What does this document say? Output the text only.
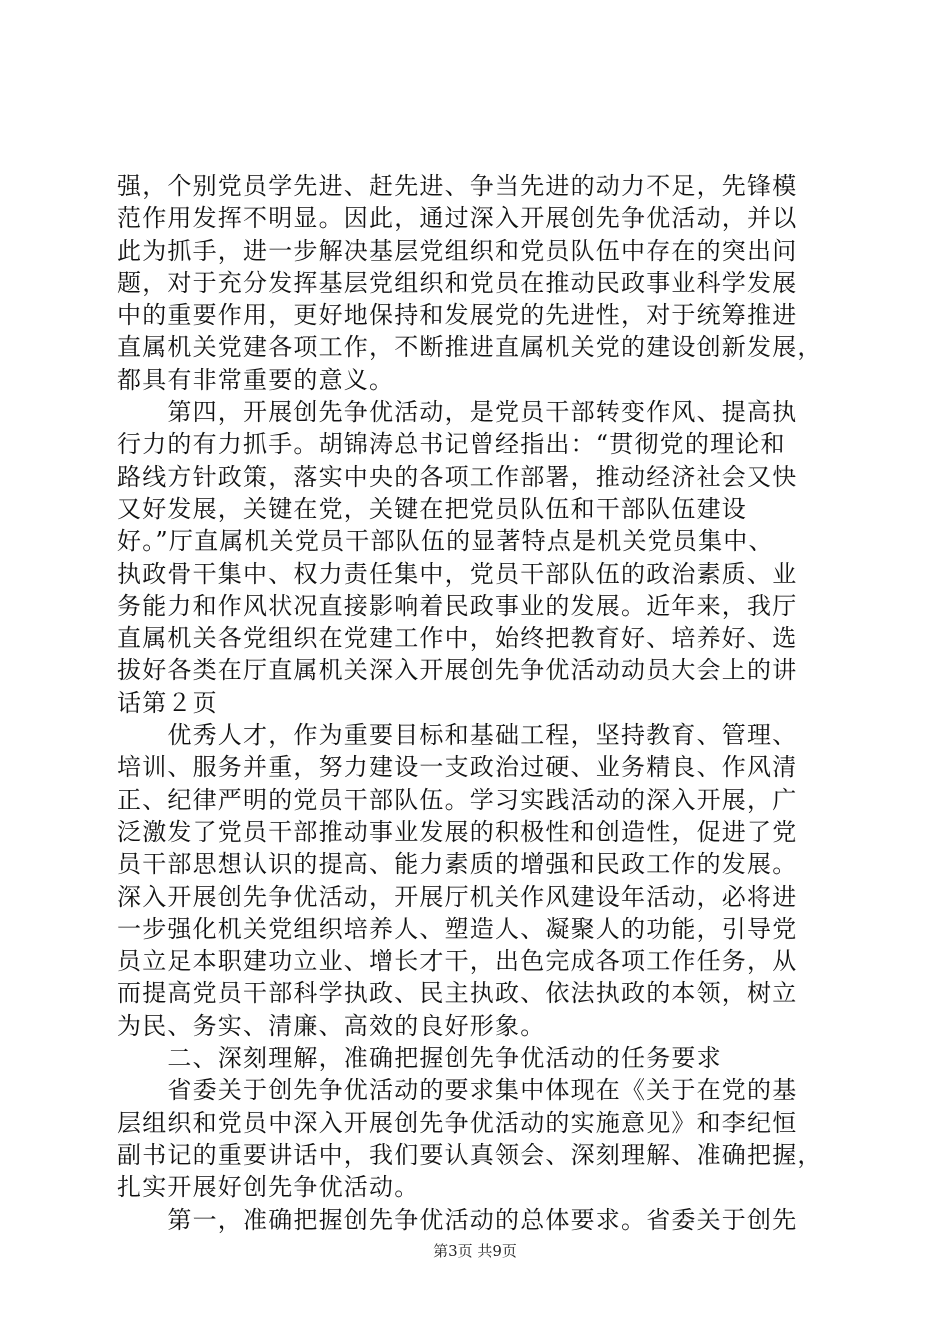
强，个别党员学先进、赶先进、争当先进的动力不足，先锋模
范作用发挥不明显。因此，通过深入开展创先争优活动，并以
此为抓手，进一步解决基层党组织和党员队伍中存在的突出问
题，对于充分发挥基层党组织和党员在推动民政事业科学发展
中的重要作用，更好地保持和发展党的先进性，对于统筹推进
直属机关党建各项工作，不断推进直属机关党的建设创新发展，
都具有非常重要的意义。
　　第四，开展创先争优活动，是党员干部转变作风、提高执
行力的有力抓手。胡锦涛总书记曾经指出：“贯彻党的理论和
路线方针政策，落实中央的各项工作部署，推动经济社会又快
又好发展，关键在党，关键在把党员队伍和干部队伍建设
好。”厅直属机关党员干部队伍的显著特点是机关党员集中、
执政骨干集中、权力责任集中，党员干部队伍的政治素质、业
务能力和作风状况直接影响着民政事业的发展。近年来，我厅
直属机关各党组织在党建工作中，始终把教育好、培养好、选
拔好各类在厅直属机关深入开展创先争优活动动员大会上的讲
话第２页
　　优秀人才，作为重要目标和基础工程，坚持教育、管理、
培训、服务并重，努力建设一支政治过硬、业务精良、作风清
正、纪律严明的党员干部队伍。学习实践活动的深入开展，广
泛激发了党员干部推动事业发展的积极性和创造性，促进了党
员干部思想认识的提高、能力素质的增强和民政工作的发展。
深入开展创先争优活动，开展厅机关作风建设年活动，必将进
一步强化机关党组织培养人、塑造人、凝聚人的功能，引导党
员立足本职建功立业、增长才干，出色完成各项工作任务，从
而提高党员干部科学执政、民主执政、依法执政的本领，树立
为民、务实、清廉、高效的良好形象。
　　二、深刻理解，准确把握创先争优活动的任务要求
　　省委关于创先争优活动的要求集中体现在《关于在党的基
层组织和党员中深入开展创先争优活动的实施意见》和李纪恒
副书记的重要讲话中，我们要认真领会、深刻理解、准确把握，
扎实开展好创先争优活动。
　　第一，准确把握创先争优活动的总体要求。省委关于创先
第3页 共9页
